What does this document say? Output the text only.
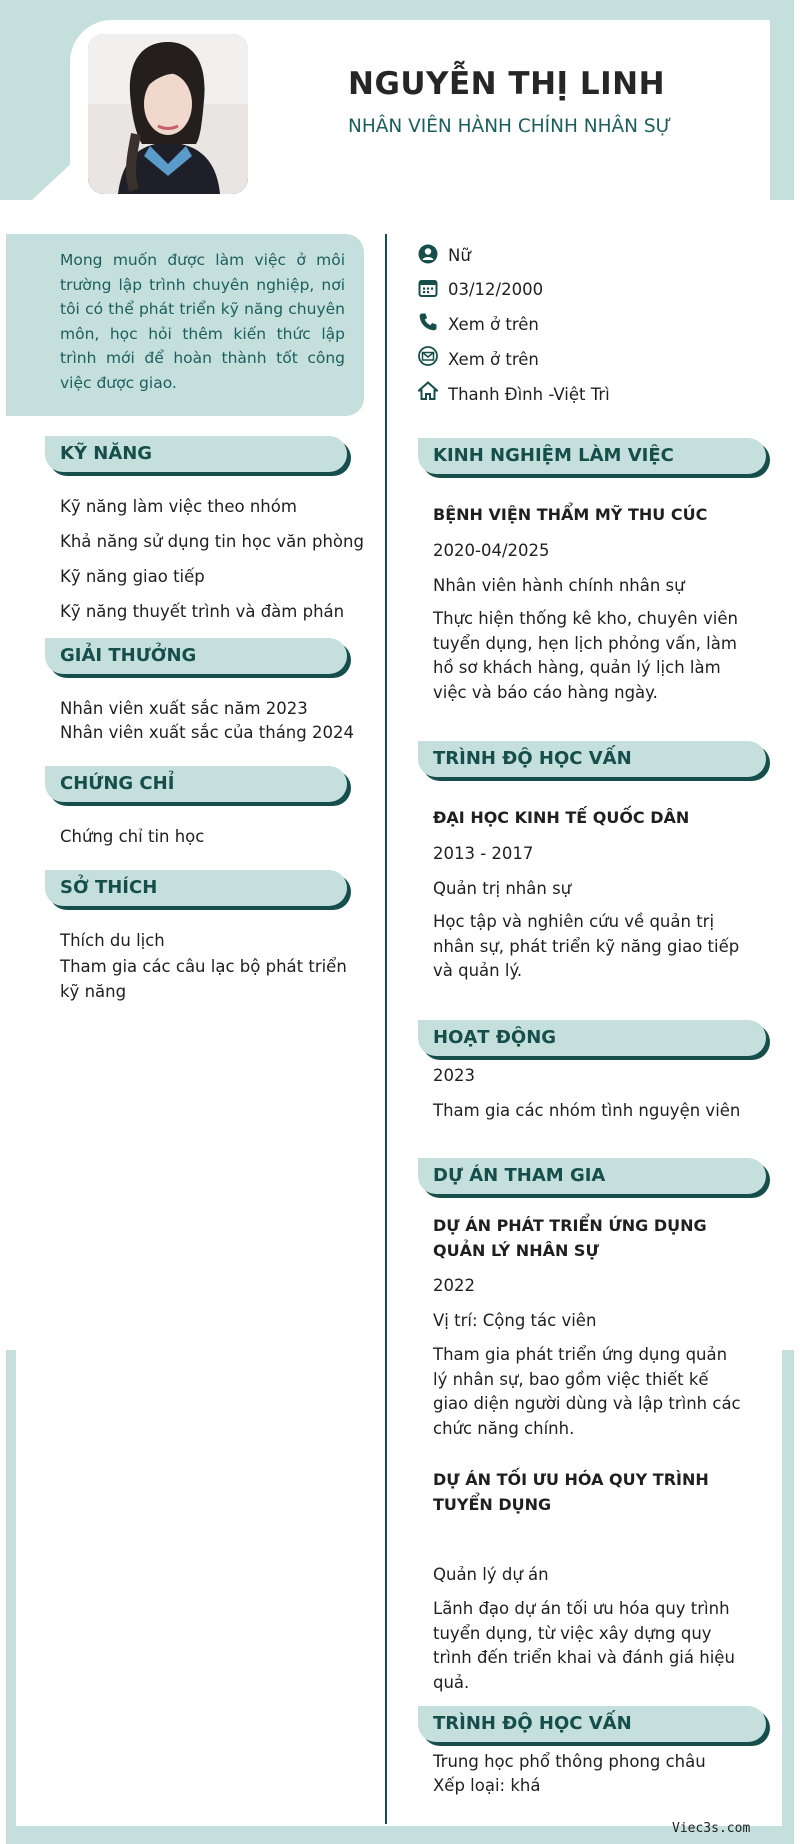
NGUYỄN THỊ LINH
NHÂN VIÊN HÀNH CHÍNH NHÂN SỰ
Mong muốn được làm việc ở môi trường lập trình chuyên nghiệp, nơi tôi có thể phát triển kỹ năng chuyên môn, học hỏi thêm kiến thức lập trình mới để hoàn thành tốt công việc được giao.
Nữ
03/12/2000
Xem ở trên
Xem ở trên
Thanh Đình -Việt Trì
KỸ NĂNG
Kỹ năng làm việc theo nhóm
Khả năng sử dụng tin học văn phòng
Kỹ năng giao tiếp
Kỹ năng thuyết trình và đàm phán
GIẢI THƯỞNG
Nhân viên xuất sắc năm 2023
Nhân viên xuất sắc của tháng 2024
CHỨNG CHỈ
Chứng chỉ tin học
SỞ THÍCH
Thích du lịch
Tham gia các câu lạc bộ phát triển kỹ năng
KINH NGHIỆM LÀM VIỆC
BỆNH VIỆN THẨM MỸ THU CÚC
2020-04/2025
Nhân viên hành chính nhân sự
Thực hiện thống kê kho, chuyên viên tuyển dụng, hẹn lịch phỏng vấn, làm hồ sơ khách hàng, quản lý lịch làm việc và báo cáo hàng ngày.
TRÌNH ĐỘ HỌC VẤN
ĐẠI HỌC KINH TẾ QUỐC DÂN
2013 - 2017
Quản trị nhân sự
Học tập và nghiên cứu về quản trị nhân sự, phát triển kỹ năng giao tiếp và quản lý.
HOẠT ĐỘNG
2023
Tham gia các nhóm tình nguyện viên
DỰ ÁN THAM GIA
DỰ ÁN PHÁT TRIỂN ỨNG DỤNG QUẢN LÝ NHÂN SỰ
2022
Vị trí: Cộng tác viên
Tham gia phát triển ứng dụng quản lý nhân sự, bao gồm việc thiết kế giao diện người dùng và lập trình các chức năng chính.
DỰ ÁN TỐI ƯU HÓA QUY TRÌNH TUYỂN DỤNG
Quản lý dự án
Lãnh đạo dự án tối ưu hóa quy trình tuyển dụng, từ việc xây dựng quy trình đến triển khai và đánh giá hiệu quả.
TRÌNH ĐỘ HỌC VẤN
Trung học phổ thông phong châu
Xếp loại: khá
Viec3s.com
